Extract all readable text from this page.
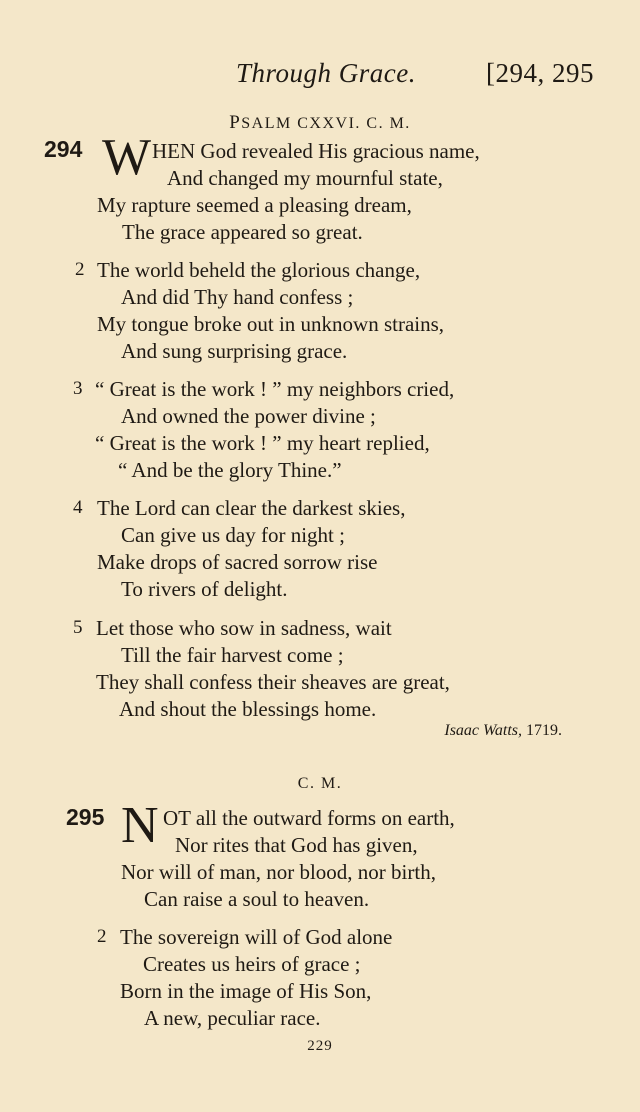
Through Grace.	[294, 295
PSALM CXXVI. C. M.
294 W HEN God revealed His gracious name,
And changed my mournful state,
My rapture seemed a pleasing dream,
The grace appeared so great.
2 The world beheld the glorious change,
And did Thy hand confess ;
My tongue broke out in unknown strains,
And sung surprising grace.
3 “ Great is the work ! ” my neighbors cried,
And owned the power divine ;
“ Great is the work ! ” my heart replied,
“ And be the glory Thine.”
4 The Lord can clear the darkest skies,
Can give us day for night ;
Make drops of sacred sorrow rise
To rivers of delight.
5 Let those who sow in sadness, wait
Till the fair harvest come ;
They shall confess their sheaves are great,
And shout the blessings home.
Isaac Watts, 1719.
C. M.
295 N OT all the outward forms on earth,
Nor rites that God has given,
Nor will of man, nor blood, nor birth,
Can raise a soul to heaven.
2 The sovereign will of God alone
Creates us heirs of grace ;
Born in the image of His Son,
A new, peculiar race.
229
